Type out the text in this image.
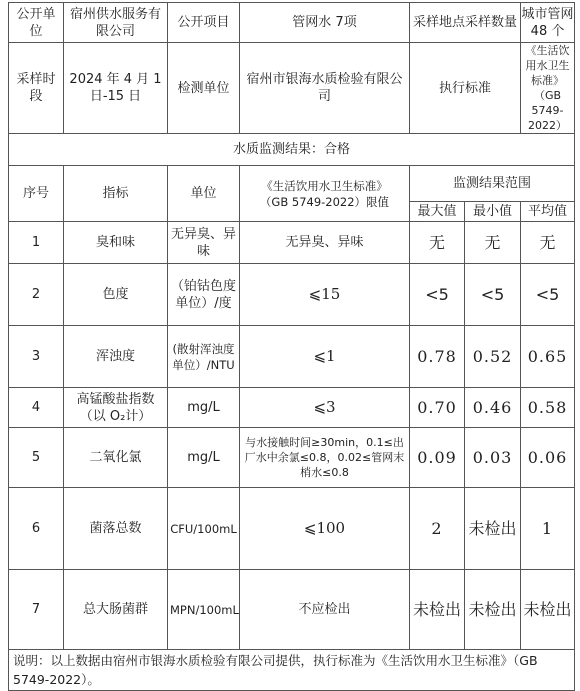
公开单位	宿州供水服务有限公司	公开项目	管网水 7项	采样地点采样数量		城市管网
48 个

采样时段	2024 年 4 月 1 日-15 日	检测单位	宿州市银海水质检验有限公司	执行标准		《生活饮用水卫生标准》
（GB 5749-2022）

水质监测结果：合格						
序号	指标	单位	《生活饮用水卫生标准》
（GB 5749-2022）限值	监测结果范围		
				最大值	最小值	平均值
1	臭和味	无异臭、异味	无异臭、异味	无	无	无
2	色度	（铂钴色度单位）/度	⩽15	<5	<5	<5
3	浑浊度	(散射浑浊度单位）/NTU	⩽1	0.78	0.52	0.65
4	高锰酸盐指数（以 O₂计）	mg/L	⩽3	0.70	0.46	0.58
5	二氧化氯	mg/L	与水接触时间≥30min，0.1≤出厂水中余氯≤0.8，0.02≤管网末梢水≤0.8	0.09	0.03	0.06
6	菌落总数	CFU/100mL	⩽100	2	未检出	1
7	总大肠菌群	MPN/100mL	不应检出	未检出	未检出	未检出
说明：以上数据由宿州市银海水质检验有限公司提供，执行标准为《生活饮用水卫生标准》（GB 5749-2022）。						
